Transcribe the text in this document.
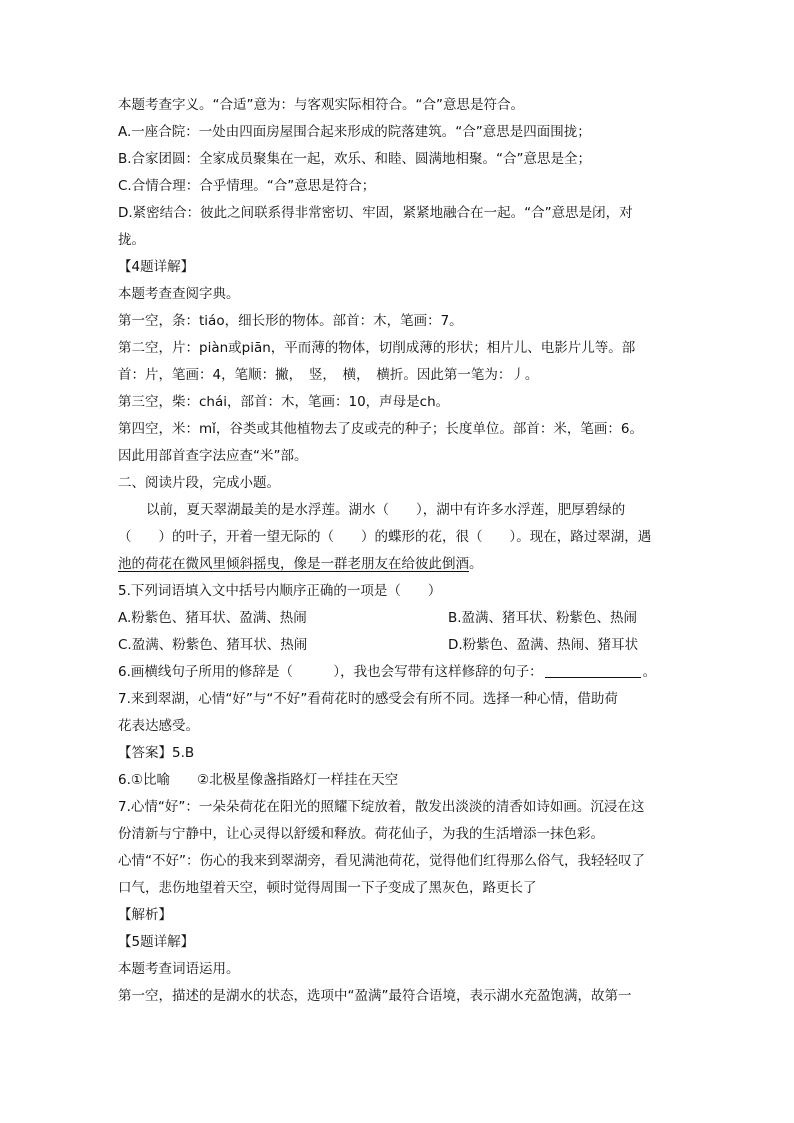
本题考查字义。“合适”意为：与客观实际相符合。“合”意思是符合。
A.一座合院：一处由四面房屋围合起来形成的院落建筑。“合”意思是四面围拢；
B.合家团圆：全家成员聚集在一起，欢乐、和睦、圆满地相聚。“合”意思是全；
C.合情合理：合乎情理。“合”意思是符合；
D.紧密结合：彼此之间联系得非常密切、牢固，紧紧地融合在一起。“合”意思是闭，对
拢。
【4题详解】
本题考查查阅字典。
第一空，条：tiáo，细长形的物体。部首：木，笔画：7。
第二空，片：piàn或piān，平而薄的物体，切削成薄的形状；相片儿、电影片儿等。部
首：片，笔画：4，笔顺：撇，　竖，　横，　横折。因此第一笔为：丿。
第三空，柴：chái，部首：木，笔画：10，声母是ch。
第四空，米：mǐ，谷类或其他植物去了皮或壳的种子；长度单位。部首：米，笔画：6。
因此用部首查字法应查“米”部。
二、阅读片段，完成小题。
以前，夏天翠湖最美的是水浮莲。湖水（　　），湖中有许多水浮莲，肥厚碧绿的
（　　）的叶子，开着一望无际的（　　）的蝶形的花，很（　　）。现在，路过翠湖，遇
池的荷花在微风里倾斜摇曳，像是一群老朋友在给彼此倒酒。
5.下列词语填入文中括号内顺序正确的一项是（　　）
A.粉紫色、猪耳状、盈满、热闹	B.盈满、猪耳状、粉紫色、热闹
C.盈满、粉紫色、猪耳状、热闹	D.粉紫色、盈满、热闹、猪耳状
6.画横线句子所用的修辞是（　　　），我也会写带有这样修辞的句子：	。
7.来到翠湖，心情“好”与“不好”看荷花时的感受会有所不同。选择一种心情，借助荷
花表达感受。
【答案】5.B
6.①比喻　　②北极星像盏指路灯一样挂在天空
7.心情“好”：一朵朵荷花在阳光的照耀下绽放着，散发出淡淡的清香如诗如画。沉浸在这
份清新与宁静中，让心灵得以舒缓和释放。荷花仙子，为我的生活增添一抹色彩。
心情“不好”：伤心的我来到翠湖旁，看见满池荷花，觉得他们红得那么俗气，我轻轻叹了
口气，悲伤地望着天空，顿时觉得周围一下子变成了黑灰色，路更长了
【解析】
【5题详解】
本题考查词语运用。
第一空，描述的是湖水的状态，选项中“盈满”最符合语境，表示湖水充盈饱满，故第一
